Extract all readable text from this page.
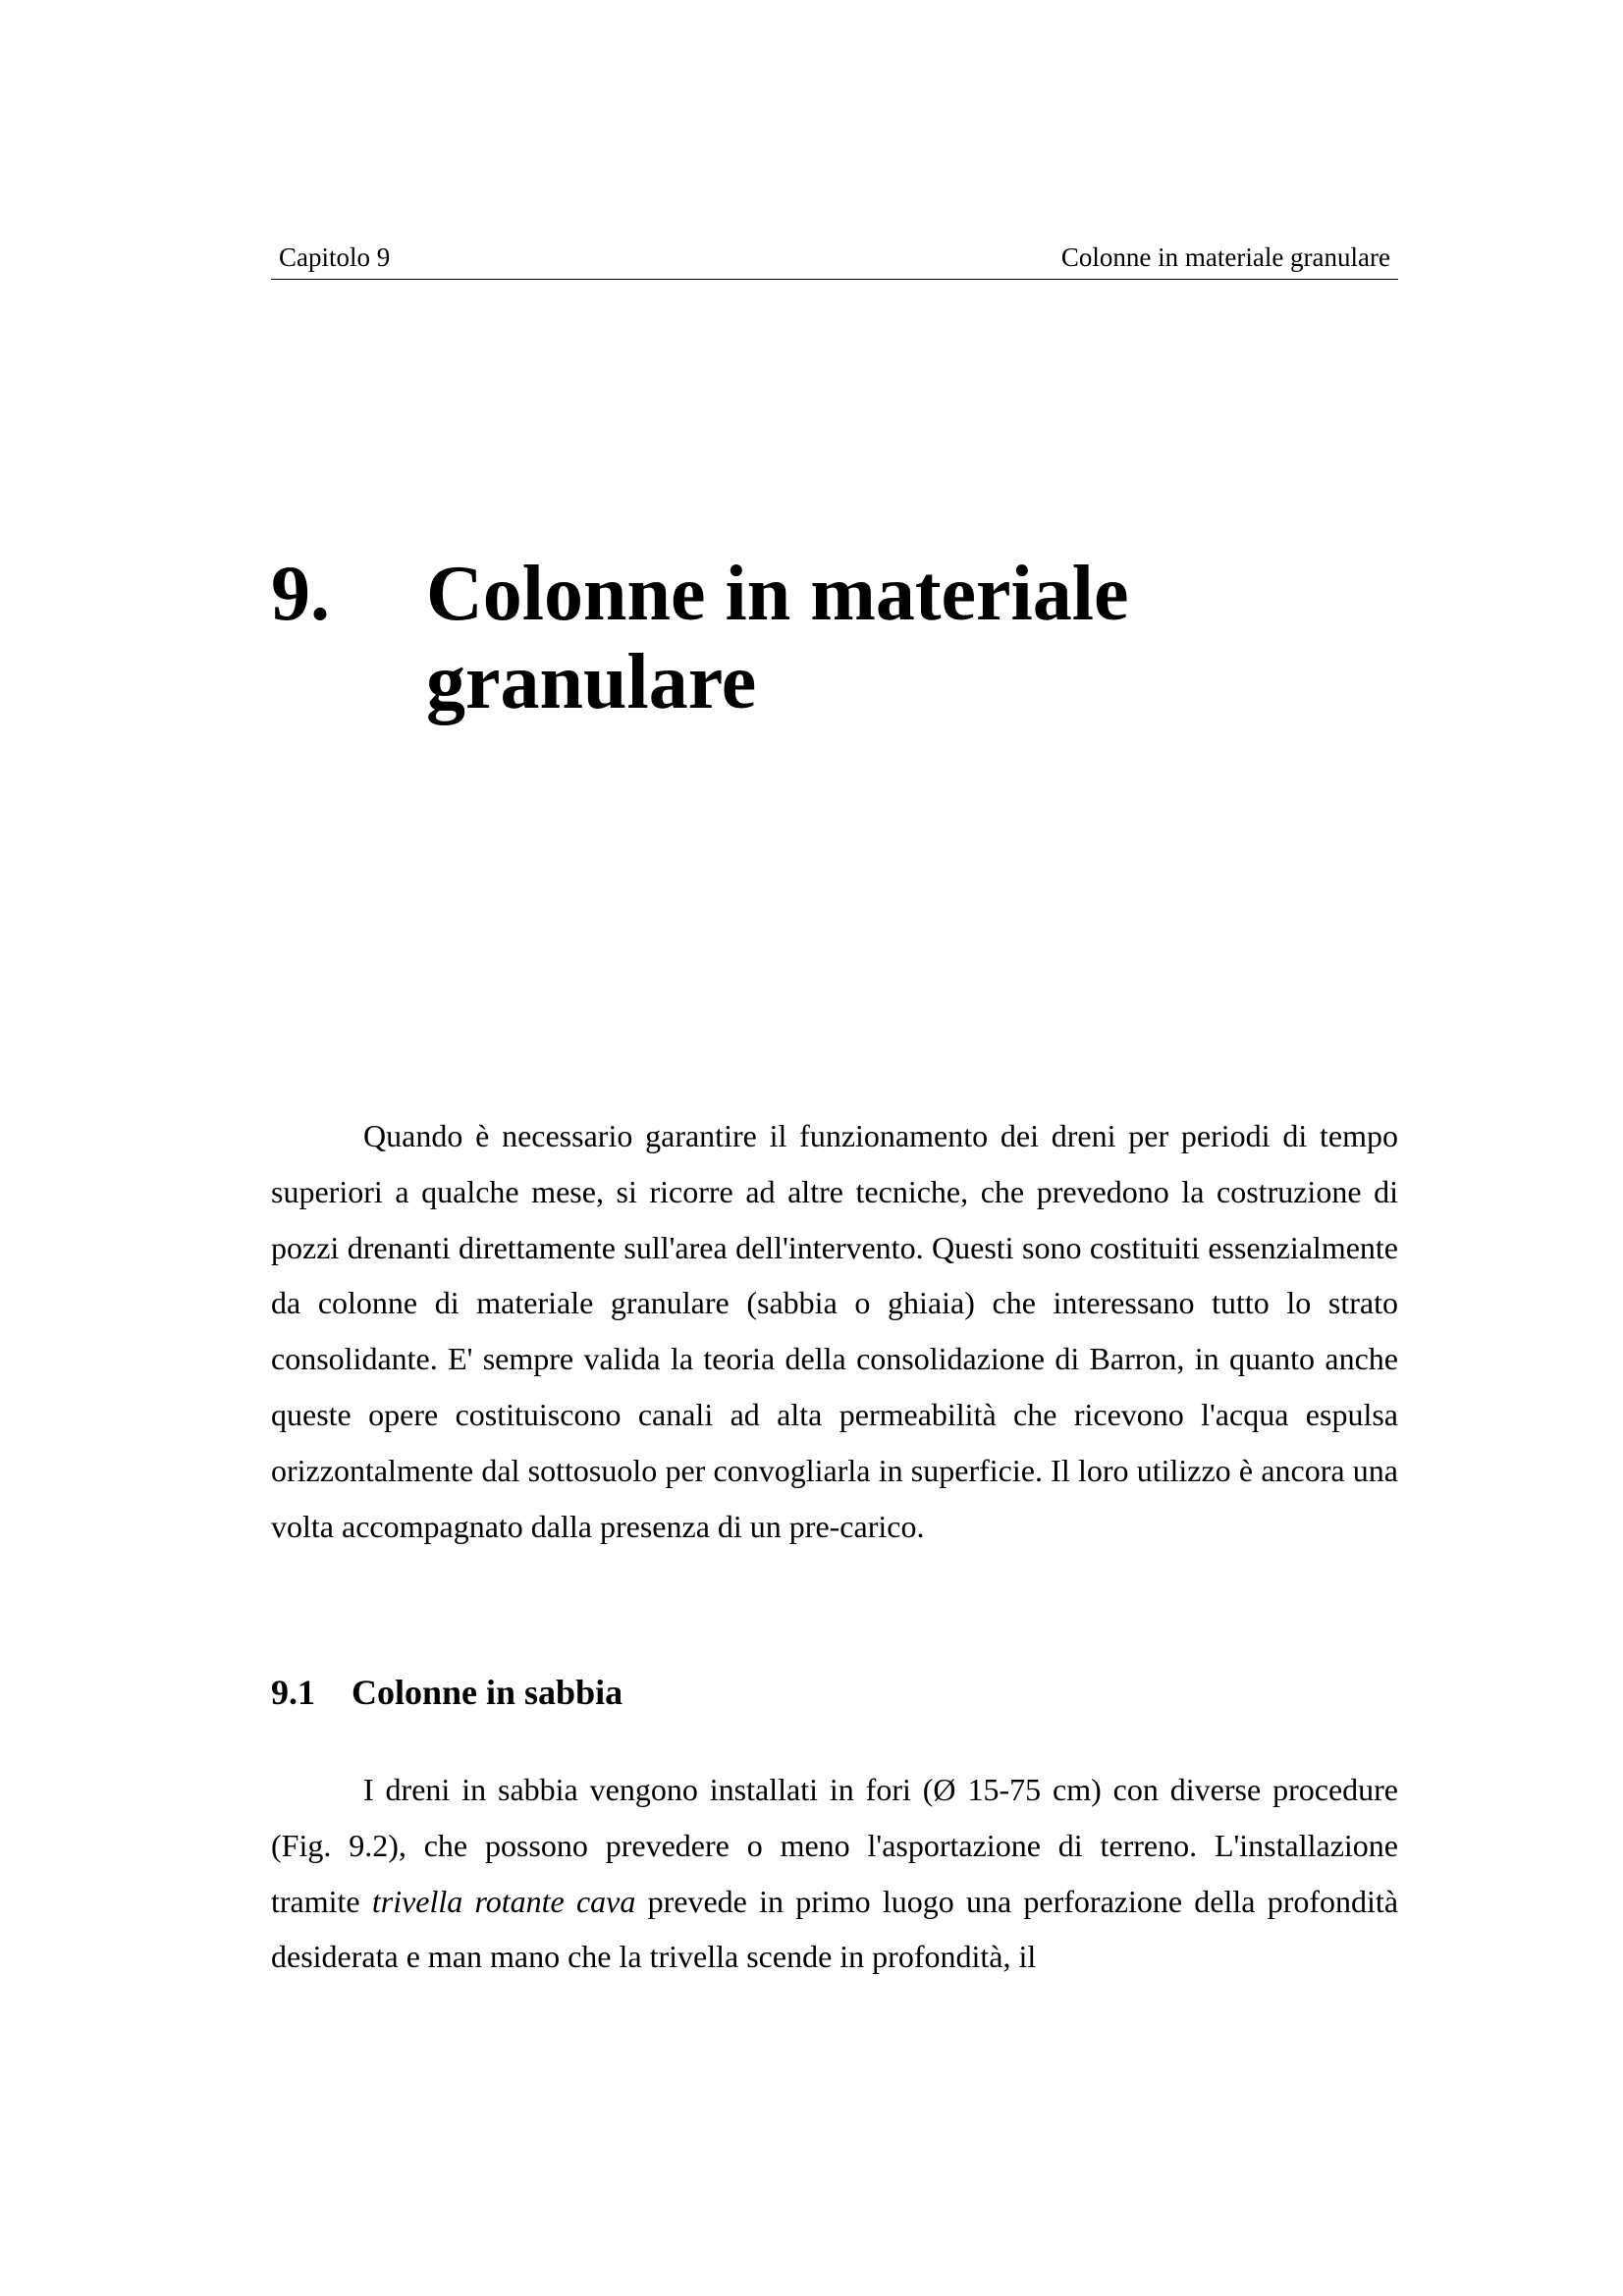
Capitolo 9	Colonne in materiale granulare
9. Colonne in materiale granulare

Quando è necessario garantire il funzionamento dei dreni per periodi di tempo superiori a qualche mese, si ricorre ad altre tecniche, che prevedono la costruzione di pozzi drenanti direttamente sull'area dell'intervento. Questi sono costituiti essenzialmente da colonne di materiale granulare (sabbia o ghiaia) che interessano tutto lo strato consolidante. E' sempre valida la teoria della consolidazione di Barron, in quanto anche queste opere costituiscono canali ad alta permeabilità che ricevono l'acqua espulsa orizzontalmente dal sottosuolo per convogliarla in superficie. Il loro utilizzo è ancora una volta accompagnato dalla presenza di un pre-carico.

9.1 Colonne in sabbia

I dreni in sabbia vengono installati in fori (Ø 15-75 cm) con diverse procedure (Fig. 9.2), che possono prevedere o meno l'asportazione di terreno. L'installazione tramite trivella rotante cava prevede in primo luogo una perforazione della profondità desiderata e man mano che la trivella scende in profondità, il
